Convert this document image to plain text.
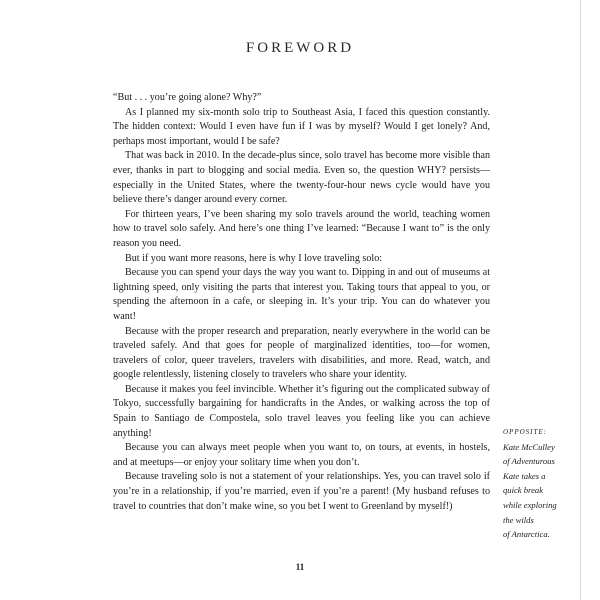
FOREWORD

“But . . . you’re going alone? Why?”

As I planned my six-month solo trip to Southeast Asia, I faced this question constantly. The hidden context: Would I even have fun if I was by myself? Would I get lonely? And, perhaps most important, would I be safe?

That was back in 2010. In the decade-plus since, solo travel has become more visible than ever, thanks in part to blogging and social media. Even so, the question WHY? persists—especially in the United States, where the twenty-four-hour news cycle would have you believe there’s danger around every corner.

For thirteen years, I’ve been sharing my solo travels around the world, teaching women how to travel solo safely. And here’s one thing I’ve learned: “Because I want to” is the only reason you need.

But if you want more reasons, here is why I love traveling solo:

Because you can spend your days the way you want to. Dipping in and out of museums at lightning speed, only visiting the parts that interest you. Taking tours that appeal to you, or spending the afternoon in a cafe, or sleeping in. It’s your trip. You can do whatever you want!

Because with the proper research and preparation, nearly everywhere in the world can be traveled safely. And that goes for people of marginalized identities, too—for women, travelers of color, queer travelers, travelers with disabilities, and more. Read, watch, and google relentlessly, listening closely to travelers who share your identity.

Because it makes you feel invincible. Whether it’s figuring out the complicated subway of Tokyo, successfully bargaining for handicrafts in the Andes, or walking across the top of Spain to Santiago de Compostela, solo travel leaves you feeling like you can achieve anything!

Because you can always meet people when you want to, on tours, at events, in hostels, and at meetups—or enjoy your solitary time when you don’t.

Because traveling solo is not a statement of your relationships. Yes, you can travel solo if you’re in a relationship, if you’re married, even if you’re a parent! (My husband refuses to travel to countries that don’t make wine, so you bet I went to Greenland by myself!)

OPPOSITE:
Kate McCulley
of Adventurous
Kate takes a
quick break
while exploring
the wilds
of Antarctica.
11
